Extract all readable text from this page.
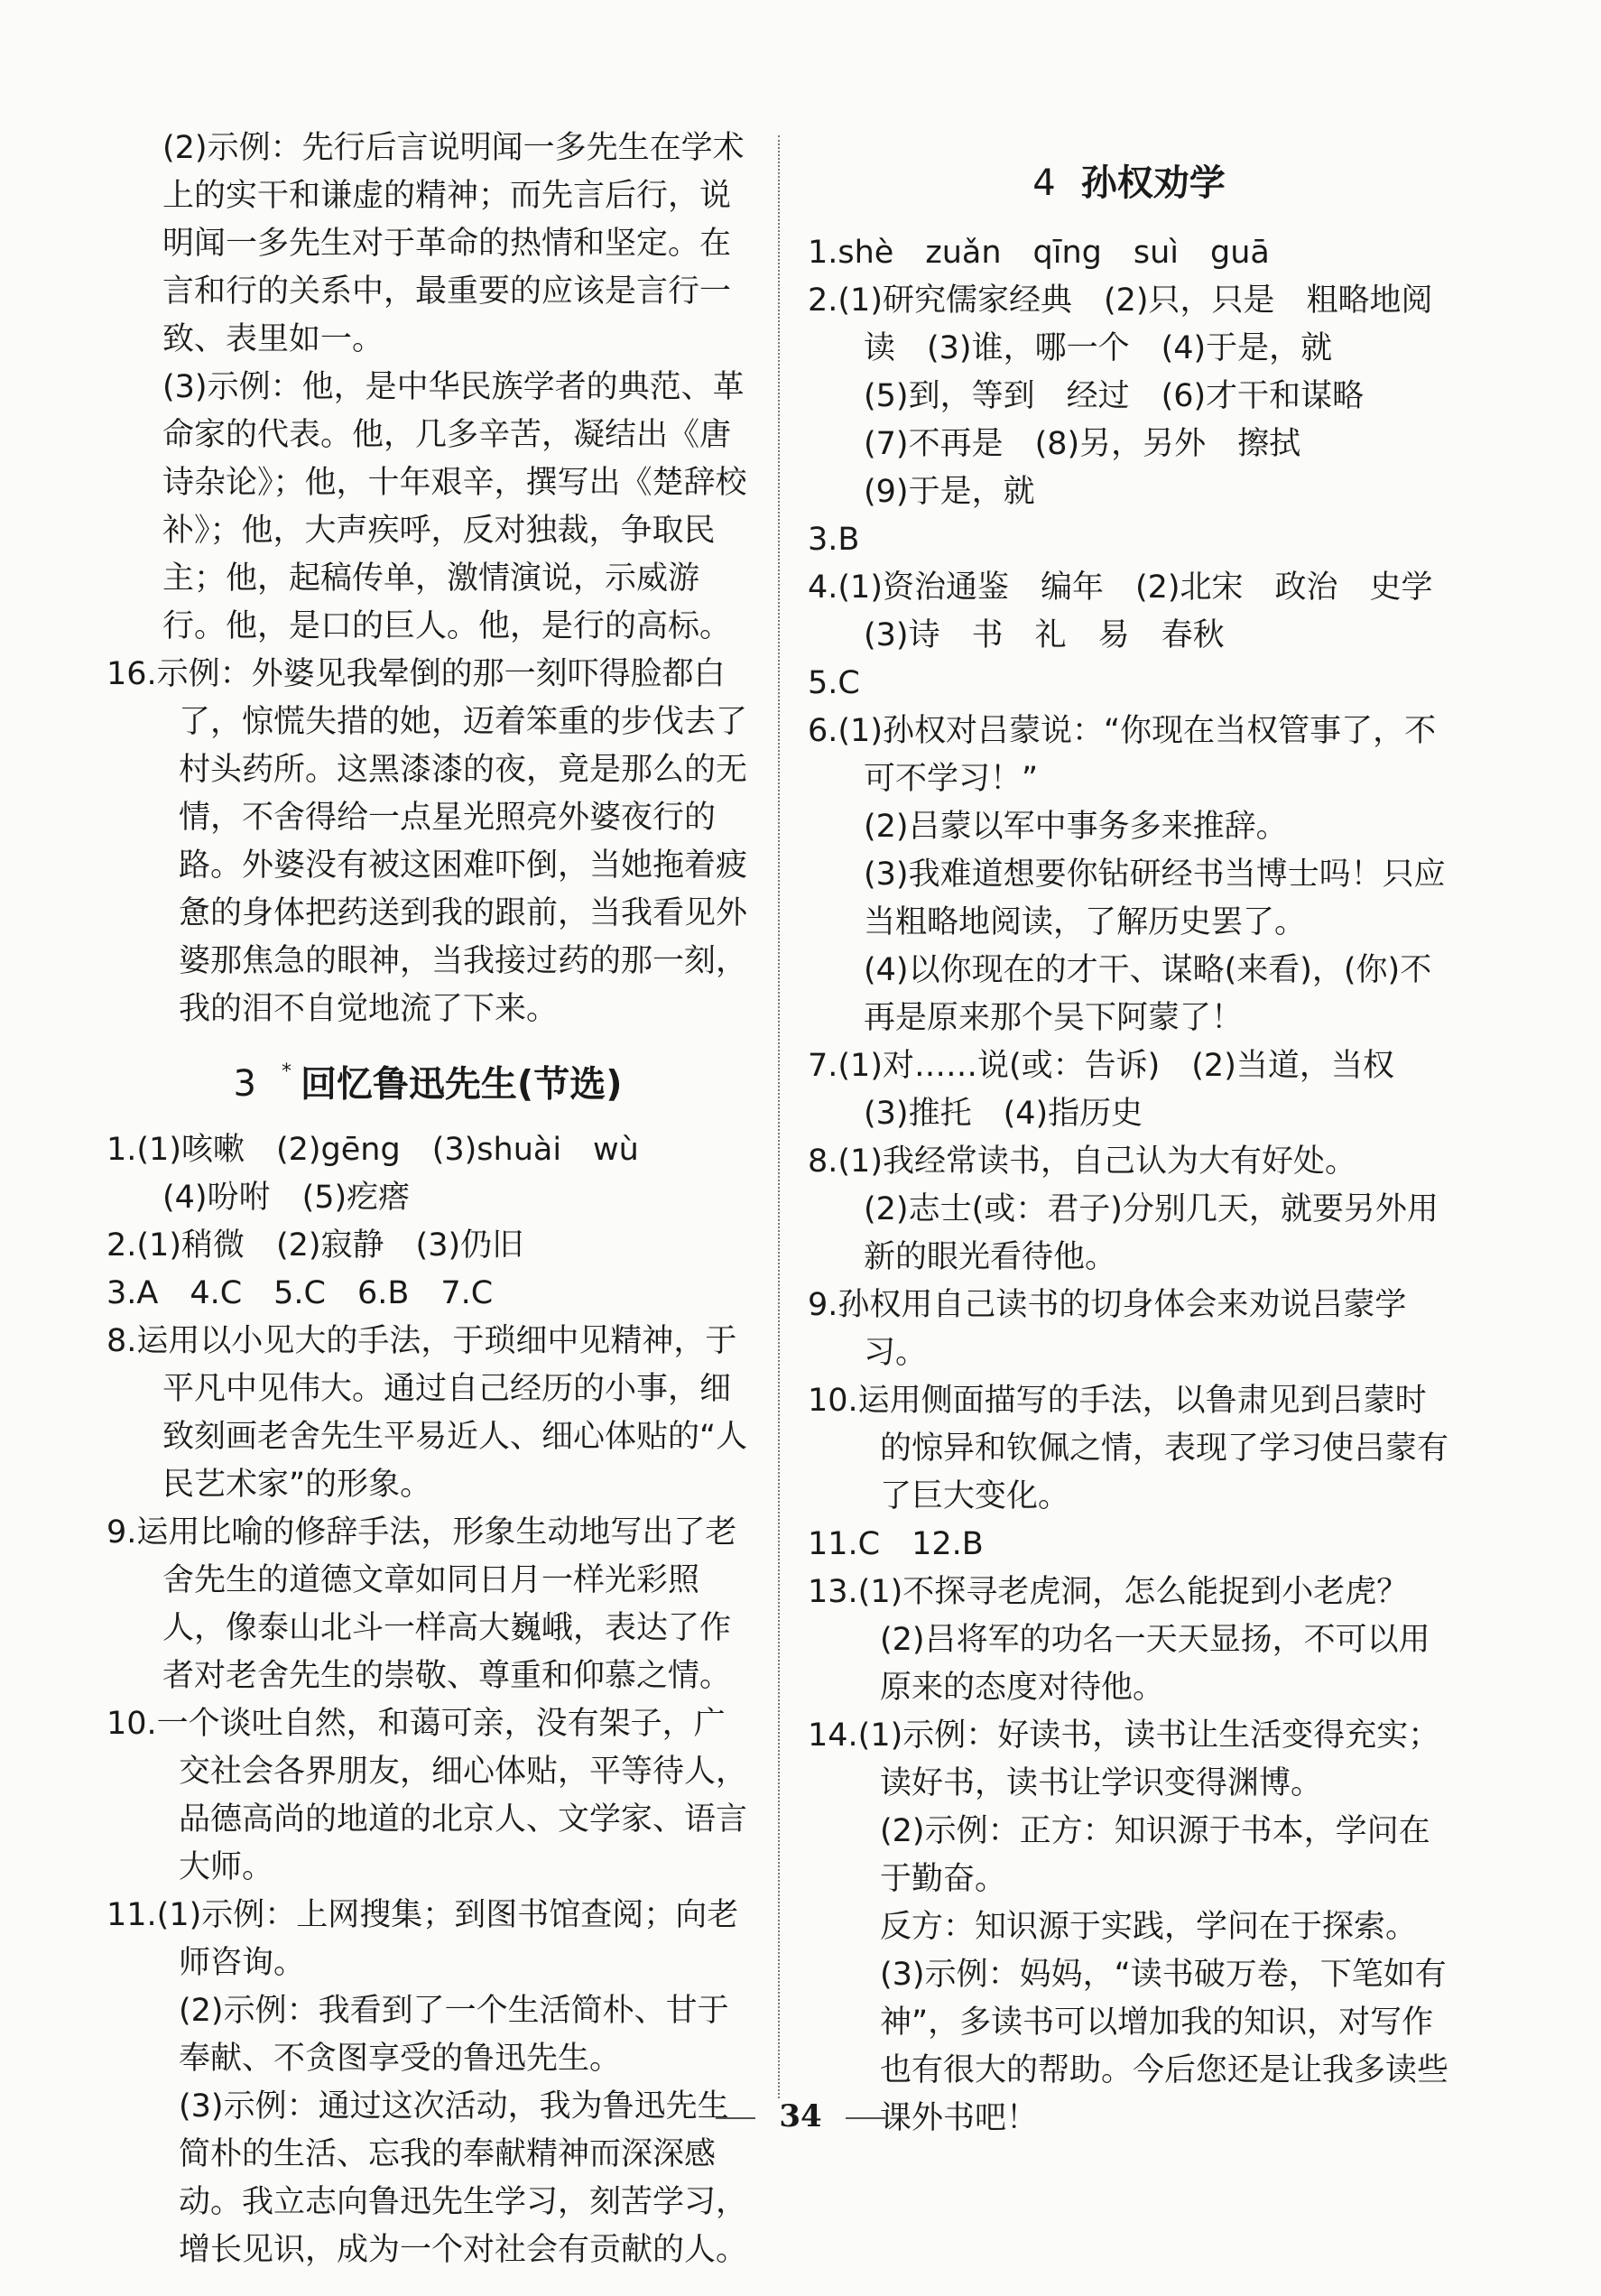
(2)示例：先行后言说明闻一多先生在学术上的实干和谦虚的精神；而先言后行，说明闻一多先生对于革命的热情和坚定。在言和行的关系中，最重要的应该是言行一致、表里如一。

(3)示例：他，是中华民族学者的典范、革命家的代表。他，几多辛苦，凝结出《唐诗杂论》；他，十年艰辛，撰写出《楚辞校补》；他，大声疾呼，反对独裁，争取民主；他，起稿传单，激情演说，示威游行。他，是口的巨人。他，是行的高标。

16.示例：外婆见我晕倒的那一刻吓得脸都白了，惊慌失措的她，迈着笨重的步伐去了村头药所。这黑漆漆的夜，竟是那么的无情，不舍得给一点星光照亮外婆夜行的路。外婆没有被这困难吓倒，当她拖着疲惫的身体把药送到我的跟前，当我看见外婆那焦急的眼神，当我接过药的那一刻，我的泪不自觉地流了下来。

3 * 回忆鲁迅先生(节选)

1.(1)咳嗽　(2)gēng　(3)shuài　wù

(4)吩咐　(5)疙瘩

2.(1)稍微　(2)寂静　(3)仍旧

3.A　4.C　5.C　6.B　7.C

8.运用以小见大的手法，于琐细中见精神，于平凡中见伟大。通过自己经历的小事，细致刻画老舍先生平易近人、细心体贴的“人民艺术家”的形象。

9.运用比喻的修辞手法，形象生动地写出了老舍先生的道德文章如同日月一样光彩照人，像泰山北斗一样高大巍峨，表达了作者对老舍先生的崇敬、尊重和仰慕之情。

10.一个谈吐自然，和蔼可亲，没有架子，广交社会各界朋友，细心体贴，平等待人，品德高尚的地道的北京人、文学家、语言大师。

11.(1)示例：上网搜集；到图书馆查阅；向老师咨询。

(2)示例：我看到了一个生活简朴、甘于奉献、不贪图享受的鲁迅先生。

(3)示例：通过这次活动，我为鲁迅先生简朴的生活、忘我的奉献精神而深深感动。我立志向鲁迅先生学习，刻苦学习，增长见识，成为一个对社会有贡献的人。

4 孙权劝学

1.shè　zuǎn　qīng　suì　guā

2.(1)研究儒家经典　(2)只，只是　粗略地阅读　(3)谁，哪一个　(4)于是，就

(5)到，等到　经过　(6)才干和谋略

(7)不再是　(8)另，另外　擦拭

(9)于是，就

3.B

4.(1)资治通鉴　编年　(2)北宋　政治　史学　(3)诗　书　礼　易　春秋

5.C

6.(1)孙权对吕蒙说：“你现在当权管事了，不可不学习！”

(2)吕蒙以军中事务多来推辞。

(3)我难道想要你钻研经书当博士吗！只应当粗略地阅读，了解历史罢了。

(4)以你现在的才干、谋略(来看)，(你)不再是原来那个吴下阿蒙了！

7.(1)对……说(或：告诉)　(2)当道，当权

(3)推托　(4)指历史

8.(1)我经常读书，自己认为大有好处。

(2)志士(或：君子)分别几天，就要另外用新的眼光看待他。

9.孙权用自己读书的切身体会来劝说吕蒙学习。

10.运用侧面描写的手法，以鲁肃见到吕蒙时的惊异和钦佩之情，表现了学习使吕蒙有了巨大变化。

11.C　12.B

13.(1)不探寻老虎洞，怎么能捉到小老虎？

(2)吕将军的功名一天天显扬，不可以用原来的态度对待他。

14.(1)示例：好读书，读书让生活变得充实；读好书，读书让学识变得渊博。

(2)示例：正方：知识源于书本，学问在于勤奋。

反方：知识源于实践，学问在于探索。

(3)示例：妈妈，“读书破万卷，下笔如有神”，多读书可以增加我的知识，对写作也有很大的帮助。今后您还是让我多读些课外书吧！

34
